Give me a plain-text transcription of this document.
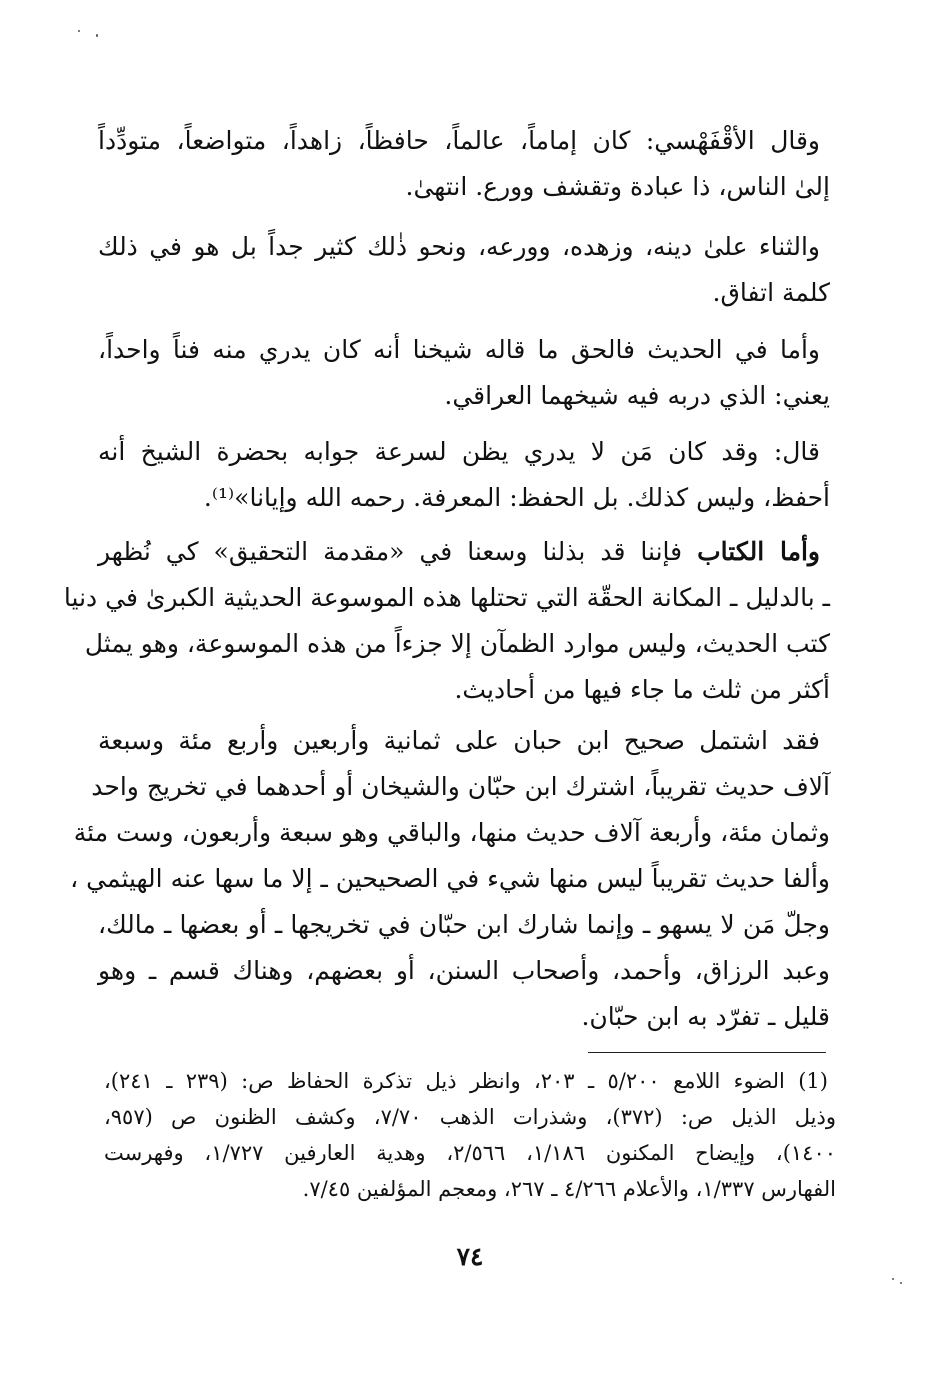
وقال الأقْفَهْسي: كان إماماً، عالماً، حافظاً، زاهداً، متواضعاً، متودِّداً
إلىٰ الناس، ذا عبادة وتقشف وورع. انتهىٰ.
والثناء علىٰ دينه، وزهده، وورعه، ونحو ذٰلك كثير جداً بل هو في ذلك
كلمة اتفاق.
وأما في الحديث فالحق ما قاله شيخنا أنه كان يدري منه فناً واحداً،
يعني: الذي دربه فيه شيخهما العراقي.
قال: وقد كان مَن لا يدري يظن لسرعة جوابه بحضرة الشيخ أنه
أحفظ، وليس كذلك. بل الحفظ: المعرفة. رحمه الله وإيانا»⁽¹⁾.
وأما الكتاب فإننا قد بذلنا وسعنا في «مقدمة التحقيق» كي نُظهر
ـ بالدليل ـ المكانة الحقّة التي تحتلها هذه الموسوعة الحديثية الكبرىٰ في دنيا
كتب الحديث، وليس موارد الظمآن إلا جزءاً من هذه الموسوعة، وهو يمثل
أكثر من ثلث ما جاء فيها من أحاديث.
فقد اشتمل صحيح ابن حبان على ثمانية وأربعين وأربع مئة وسبعة
آلاف حديث تقريباً، اشترك ابن حبّان والشيخان أو أحدهما في تخريج واحد
وثمان مئة، وأربعة آلاف حديث منها، والباقي وهو سبعة وأربعون، وست مئة
وألفا حديث تقريباً ليس منها شيء في الصحيحين ـ إلا ما سها عنه الهيثمي ،
وجلّ مَن لا يسهو ـ وإنما شارك ابن حبّان في تخريجها ـ أو بعضها ـ مالك،
وعبد الرزاق، وأحمد، وأصحاب السنن، أو بعضهم، وهناك قسم ـ وهو
قليل ـ تفرّد به ابن حبّان.
(1) الضوء اللامع ٥/٢٠٠ ـ ٢٠٣، وانظر ذيل تذكرة الحفاظ ص: (٢٣٩ ـ ٢٤١)،
وذيل الذيل ص: (٣٧٢)، وشذرات الذهب ٧/٧٠، وكشف الظنون ص (٩٥٧،
١٤٠٠)، وإيضاح المكنون ١/١٨٦، ٢/٥٦٦، وهدية العارفين ١/٧٢٧، وفهرست
الفهارس ١/٣٣٧، والأعلام ٤/٢٦٦ ـ ٢٦٧، ومعجم المؤلفين ٧/٤٥.
٧٤
